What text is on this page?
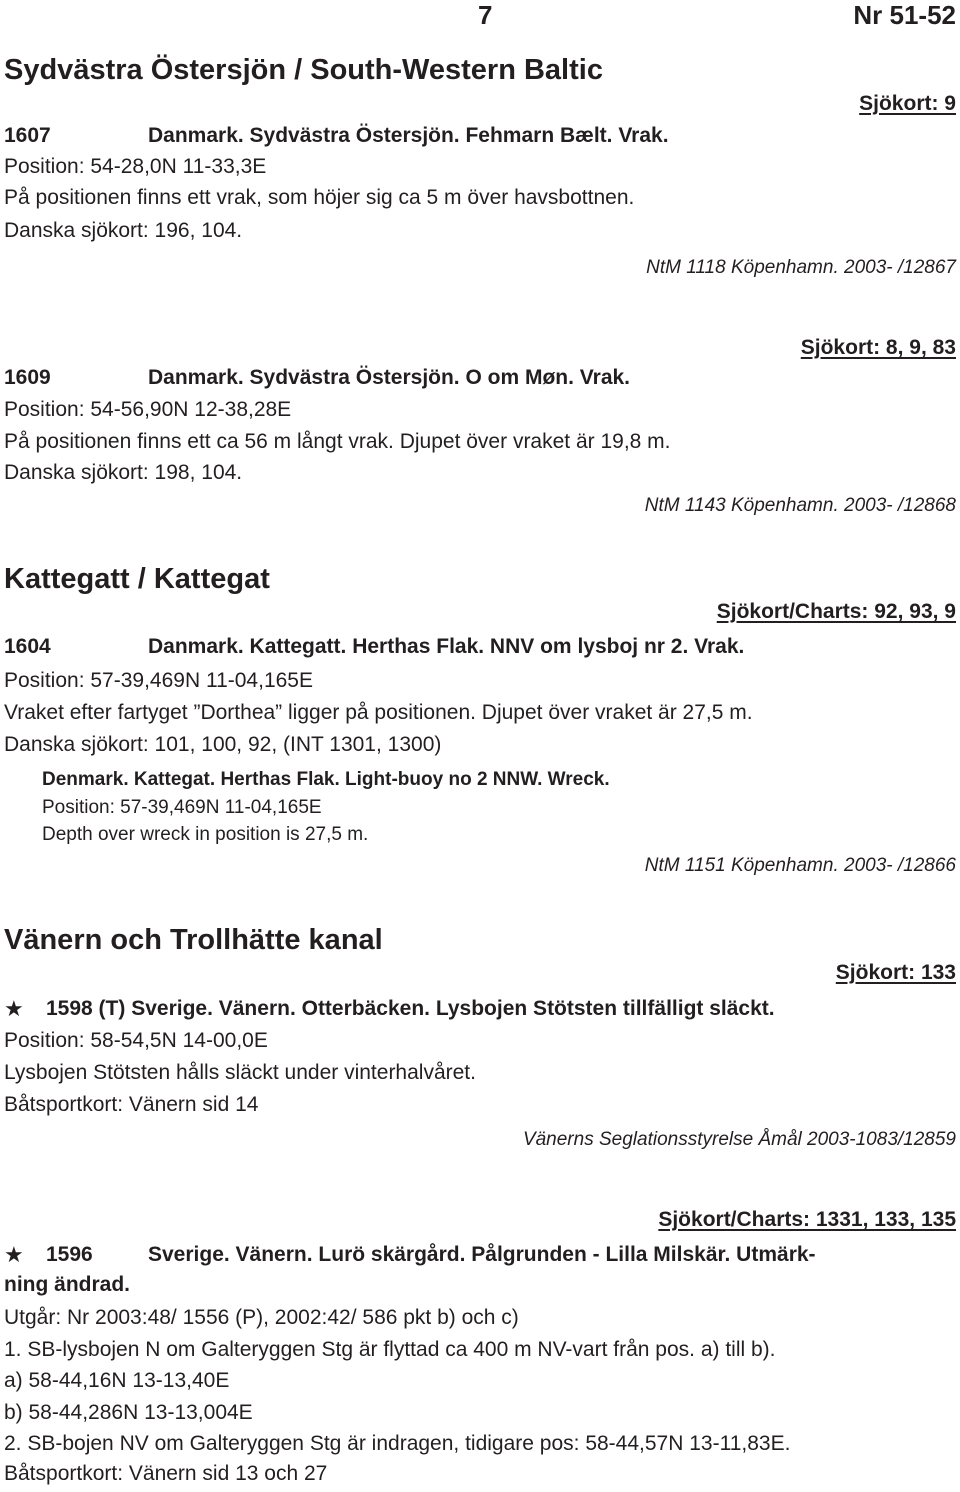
7	Nr 51-52
Sydvästra Östersjön / South-Western Baltic
Sjökort: 9
1607	Danmark. Sydvästra Östersjön. Fehmarn Bælt. Vrak.
Position: 54-28,0N 11-33,3E
På positionen finns ett vrak, som höjer sig ca 5 m över havsbottnen.
Danska sjökort: 196, 104.
NtM 1118 Köpenhamn. 2003- /12867
Sjökort: 8, 9, 83
1609	Danmark. Sydvästra Östersjön. O om Møn. Vrak.
Position: 54-56,90N 12-38,28E
På positionen finns ett ca 56 m långt vrak. Djupet över vraket är 19,8 m.
Danska sjökort: 198, 104.
NtM 1143 Köpenhamn. 2003- /12868
Kattegatt / Kattegat
Sjökort/Charts: 92, 93, 9
1604	Danmark. Kattegatt. Herthas Flak. NNV om lysboj nr 2. Vrak.
Position: 57-39,469N 11-04,165E
Vraket efter fartyget ”Dorthea” ligger på positionen. Djupet över vraket är 27,5 m.
Danska sjökort: 101, 100, 92, (INT 1301, 1300)
Denmark. Kattegat. Herthas Flak. Light-buoy no 2 NNW. Wreck.
Position: 57-39,469N 11-04,165E
Depth over wreck in position is 27,5 m.
NtM 1151 Köpenhamn. 2003- /12866
Vänern och Trollhätte kanal
Sjökort: 133
★ 1598 (T) Sverige. Vänern. Otterbäcken. Lysbojen Stötsten tillfälligt släckt.
Position: 58-54,5N 14-00,0E
Lysbojen Stötsten hålls släckt under vinterhalvåret.
Båtsportkort: Vänern sid 14
Vänerns Seglationsstyrelse Åmål 2003-1083/12859
Sjökort/Charts: 1331, 133, 135
★ 1596	Sverige. Vänern. Lurö skärgård. Pålgrunden - Lilla Milskär. Utmärk-
ning ändrad.
Utgår: Nr 2003:48/ 1556 (P), 2002:42/ 586 pkt b) och c)
1. SB-lysbojen N om Galteryggen Stg är flyttad ca 400 m NV-vart från pos. a) till b).
a) 58-44,16N 13-13,40E
b) 58-44,286N 13-13,004E
2. SB-bojen NV om Galteryggen Stg är indragen, tidigare pos: 58-44,57N 13-11,83E.
Båtsportkort: Vänern sid 13 och 27
